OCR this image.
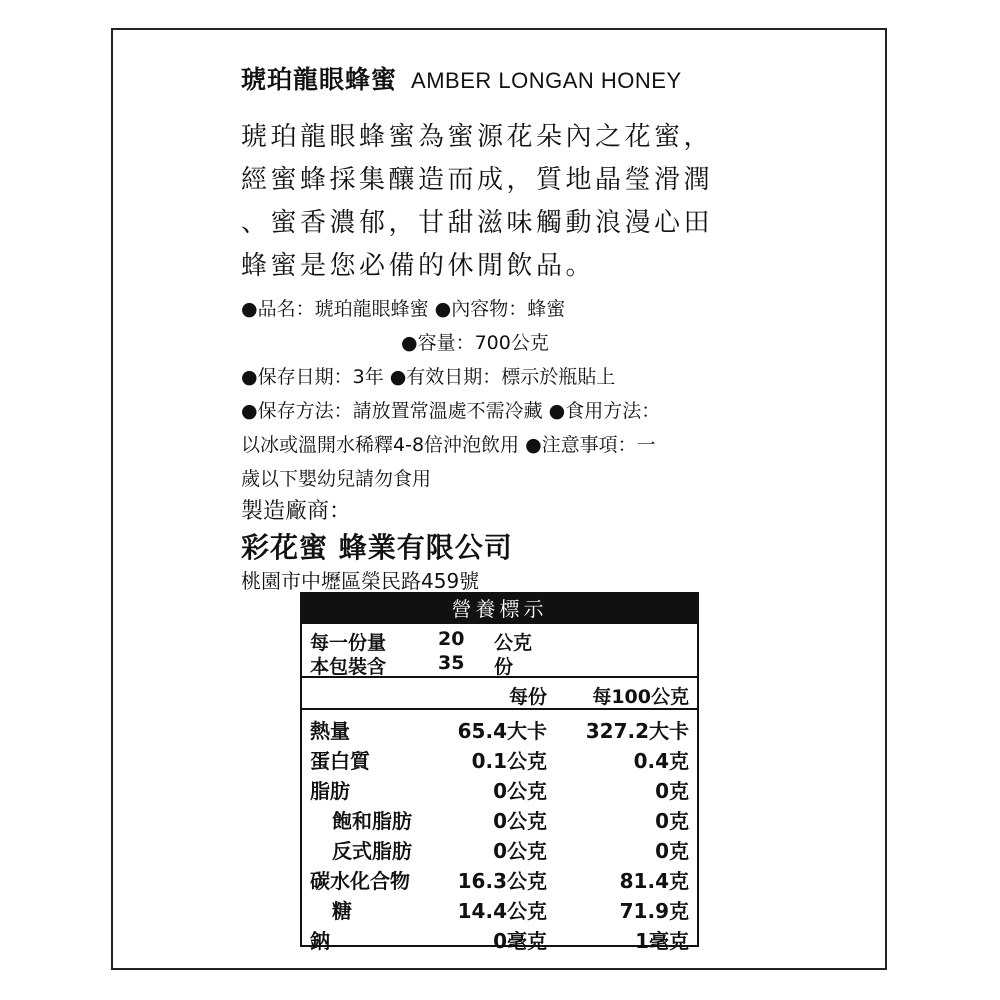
琥珀龍眼蜂蜜 AMBER LONGAN HONEY
琥珀龍眼蜂蜜為蜜源花朵內之花蜜，
經蜜蜂採集釀造而成，質地晶瑩滑潤
、蜜香濃郁，甘甜滋味觸動浪漫心田
蜂蜜是您必備的休閒飲品。
●品名：琥珀龍眼蜂蜜 ●內容物：蜂蜜
●容量：700公克
●保存日期：3年 ●有效日期：標示於瓶貼上
●保存方法：請放置常溫處不需冷藏 ●食用方法：
以冰或溫開水稀釋4-8倍沖泡飲用 ●注意事項：一
歲以下嬰幼兒請勿食用
製造廠商：
彩花蜜 蜂業有限公司
桃園市中壢區榮民路459號
營養標示
每一份量	20 公克
本包裝含	35 份
每份 每100公克
熱量	65.4大卡 327.2大卡
蛋白質	0.1公克	0.4克
脂肪	0公克	0克
飽和脂肪	0公克	0克
反式脂肪	0公克	0克
碳水化合物 16.3公克	81.4克
糖	14.4公克	71.9克
鈉	0毫克	1毫克
